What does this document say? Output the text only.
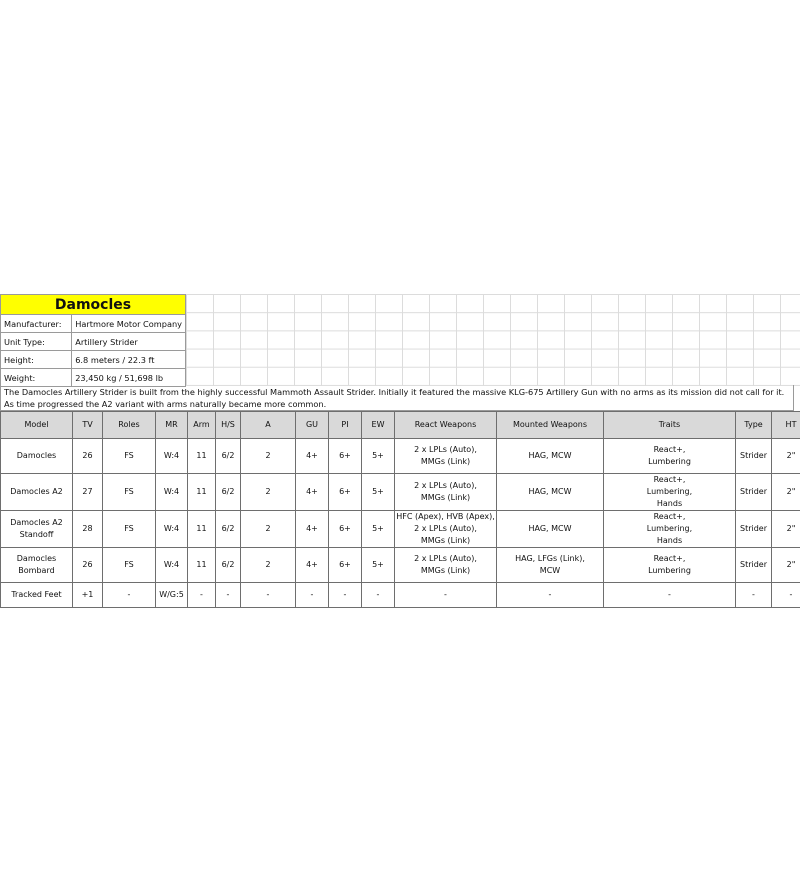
Damocles	
Manufacturer:	Hartmore Motor Company
Unit Type:	Artillery Strider
Height:	6.8 meters / 22.3 ft
Weight:	23,450 kg / 51,698 lb
The Damocles Artillery Strider is built from the highly successful Mammoth Assault Strider. Initially it featured the massive KLG-675 Artillery Gun with no arms as its mission did not call for it. As time progressed the A2 variant with arms naturally became more common.
Model	TV	Roles	MR	Arm	H/S	A	GU	PI	EW	React Weapons	Mounted Weapons	Traits	Type	HT
Damocles	26	FS	W:4	11	6/2	2	4+	6+	5+	2 x LPLs (Auto),
MMGs (Link)	HAG, MCW	React+,
Lumbering	Strider	2"
Damocles A2	27	FS	W:4	11	6/2	2	4+	6+	5+	2 x LPLs (Auto),
MMGs (Link)	HAG, MCW	React+,
Lumbering,
Hands	Strider	2"
Damocles A2 Standoff	28	FS	W:4	11	6/2	2	4+	6+	5+	HFC (Apex), HVB (Apex),
2 x LPLs (Auto),
MMGs (Link)	HAG, MCW	React+,
Lumbering,
Hands	Strider	2"
Damocles Bombard	26	FS	W:4	11	6/2	2	4+	6+	5+	2 x LPLs (Auto),
MMGs (Link)	HAG, LFGs (Link),
MCW	React+,
Lumbering	Strider	2"
Tracked Feet	+1	-	W/G:5	-	-	-	-	-	-	-	-	-	-	-
